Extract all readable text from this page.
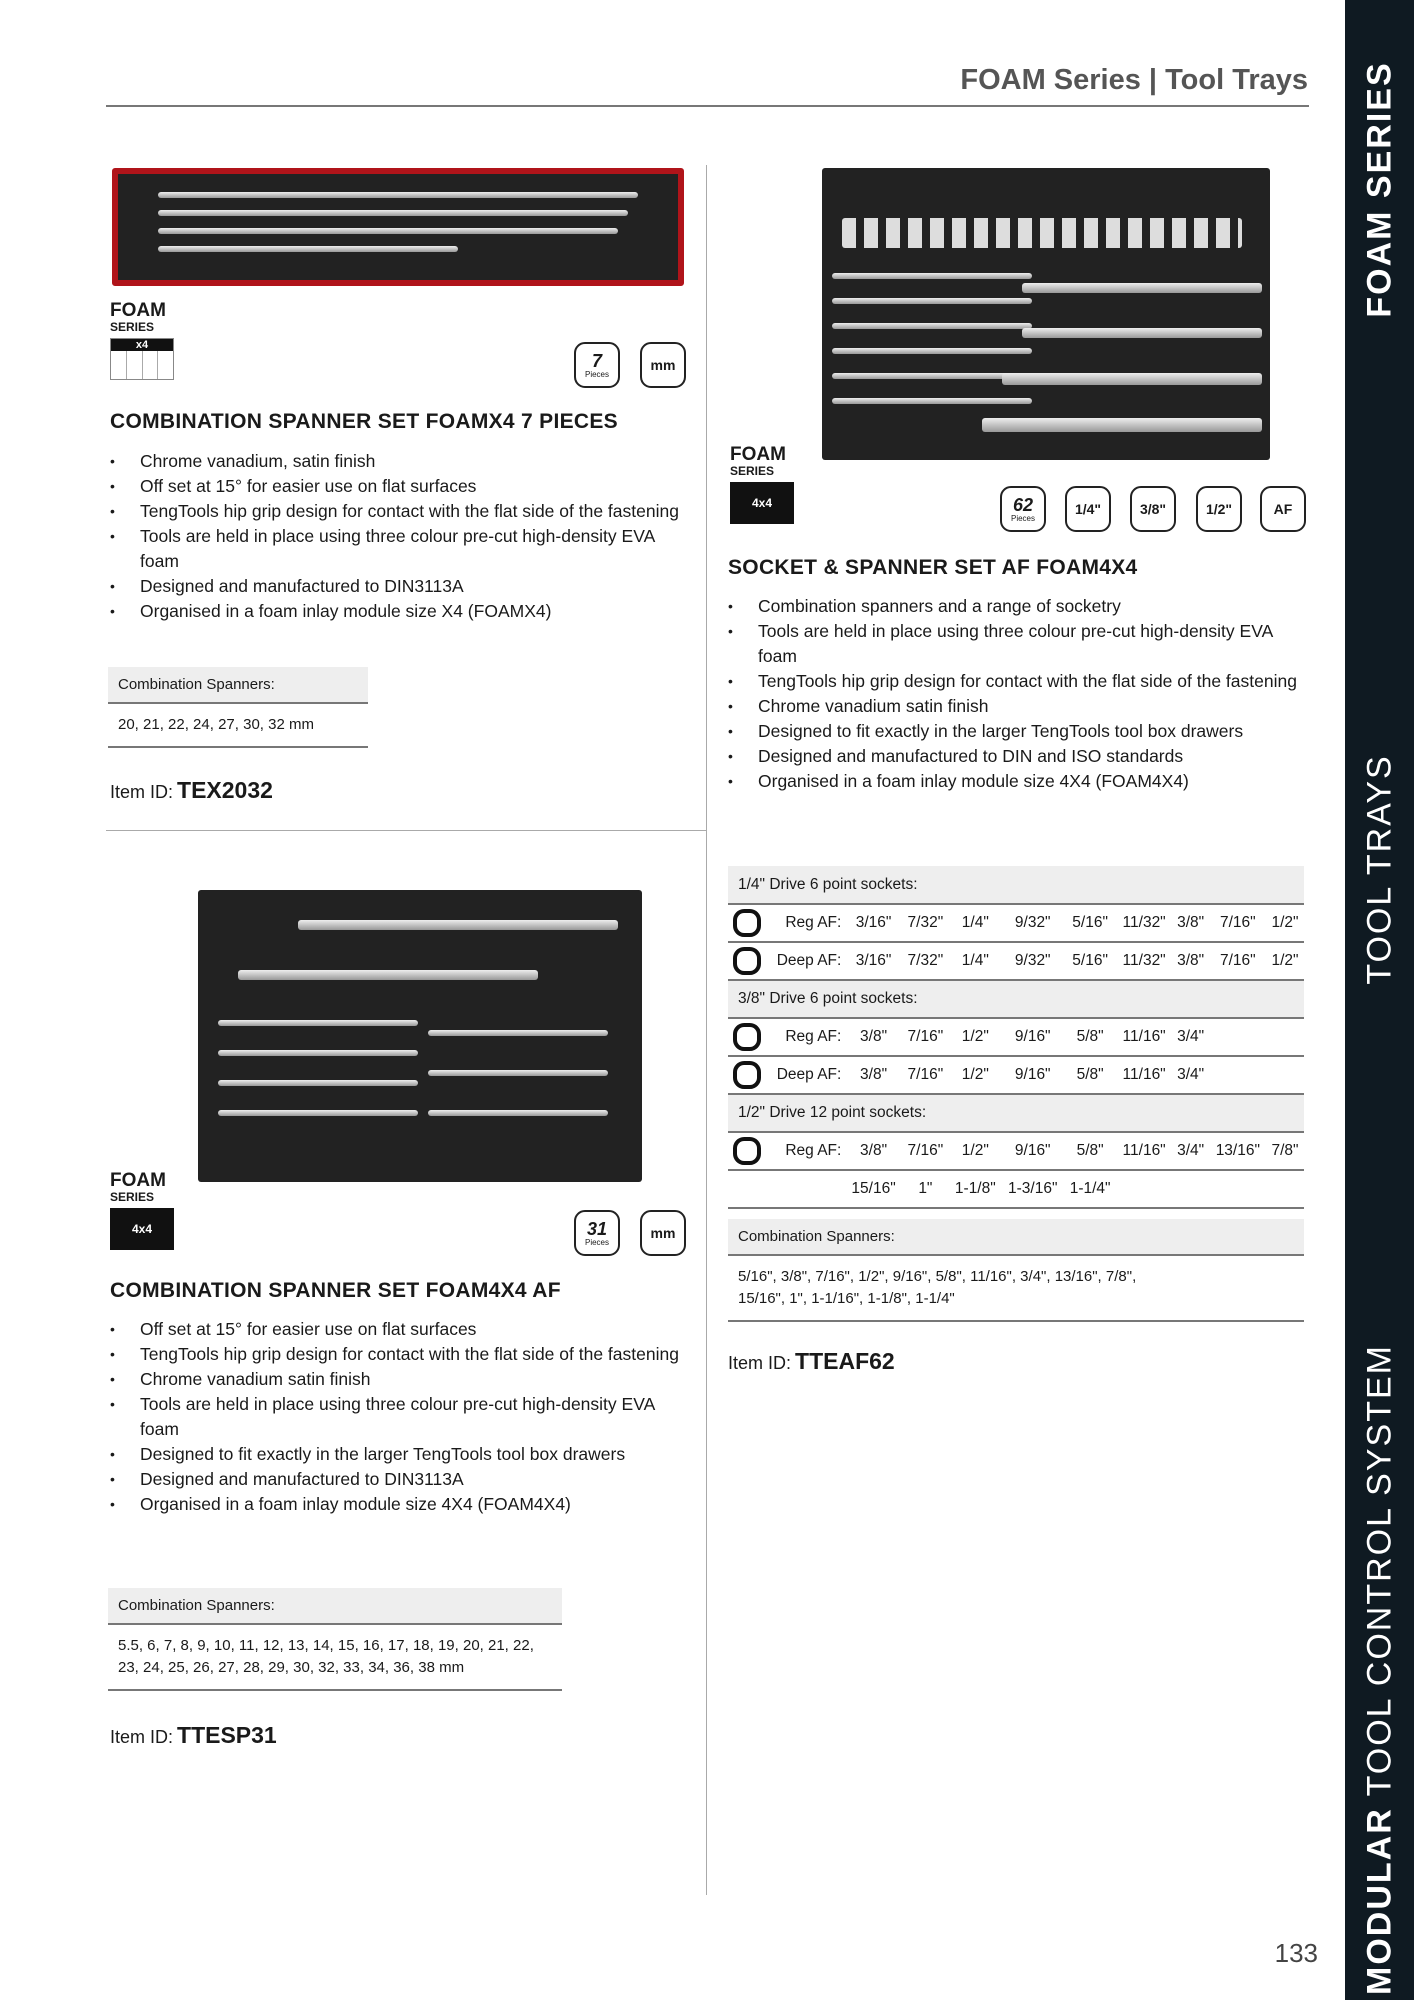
FOAM Series | Tool Trays FOAM SERIES
TOOL TRAYS
MODULAR TOOL CONTROL SYSTEM
FOAM
SERIES
x4
7
Pieces
mm
COMBINATION SPANNER SET FOAMX4 7 PIECES
• Chrome vanadium, satin finish
• Off set at 15° for easier use on flat surfaces
• TengTools hip grip design for contact with the flat side of the fastening
• Tools are held in place using three colour pre-cut high-density EVA foam
• Designed and manufactured to DIN3113A
• Organised in a foam inlay module size X4 (FOAMX4)
Combination Spanners:
20, 21, 22, 24, 27, 30, 32 mm
Item ID: TEX2032
FOAM
SERIES
4x4	31
Pieces
mm
COMBINATION SPANNER SET FOAM4X4 AF
• Off set at 15° for easier use on flat surfaces
• TengTools hip grip design for contact with the flat side of the fastening
• Chrome vanadium satin finish
• Tools are held in place using three colour pre-cut high-density EVA foam
• Designed to fit exactly in the larger TengTools tool box drawers
• Designed and manufactured to DIN3113A
• Organised in a foam inlay module size 4X4 (FOAM4X4)
Combination Spanners:
5.5, 6, 7, 8, 9, 10, 11, 12, 13, 14, 15, 16, 17, 18, 19, 20, 21, 22, 23, 24, 25, 26, 27, 28, 29, 30, 32, 33, 34, 36, 38 mm
Item ID: TTESP31
FOAM
SERIES
4x4	62
Pieces
1/4"	3/8"	1/2"	AF
SOCKET & SPANNER SET AF FOAM4X4
• Combination spanners and a range of socketry
• Tools are held in place using three colour pre-cut high-density EVA foam
• TengTools hip grip design for contact with the flat side of the fastening
• Chrome vanadium satin finish
• Designed to fit exactly in the larger TengTools tool box drawers
• Designed and manufactured to DIN and ISO standards
• Organised in a foam inlay module size 4X4 (FOAM4X4)
1/4" Drive 6 point sockets:										
	Reg AF:	3/16"	7/32"	1/4"	9/32"	5/16"	11/32"	3/8"	7/16"	1/2"
	Deep AF:	3/16"	7/32"	1/4"	9/32"	5/16"	11/32"	3/8"	7/16"	1/2"
3/8" Drive 6 point sockets:										
	Reg AF:	3/8"	7/16"	1/2"	9/16"	5/8"	11/16"	3/4"		
	Deep AF:	3/8"	7/16"	1/2"	9/16"	5/8"	11/16"	3/4"		
1/2" Drive 12 point sockets:										
	Reg AF:	3/8"	7/16"	1/2"	9/16"	5/8"	11/16"	3/4"	13/16"	7/8"
		15/16"	1"	1-1/8"	1-3/16"	1-1/4"				
Combination Spanners:
5/16", 3/8", 7/16", 1/2", 9/16", 5/8", 11/16", 3/4", 13/16", 7/8", 15/16", 1", 1-1/16", 1-1/8", 1-1/4"
Item ID: TTEAF62
133
